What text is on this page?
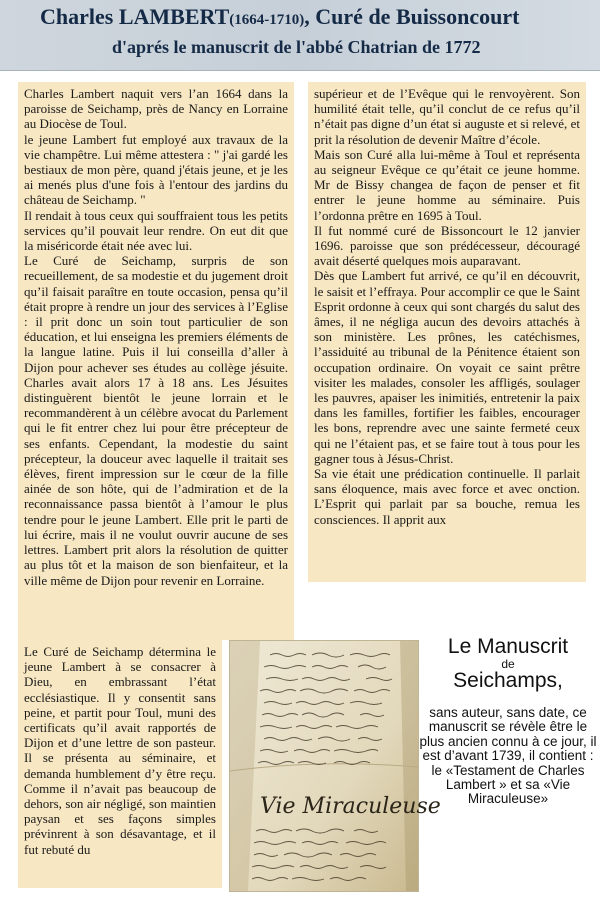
Charles LAMBERT(1664-1710), Curé de Buissoncourt
d'aprés le manuscrit de l'abbé Chatrian de 1772

Charles Lambert naquit vers l’an 1664 dans la paroisse de Seichamp, près de Nancy en Lorraine au Diocèse de Toul.

le jeune Lambert fut employé aux travaux de la vie champêtre. Lui même attestera : " j'ai gardé les bestiaux de mon père, quand j'étais jeune, et je les ai menés plus d'une fois à l'entour des jardins du château de Seichamp. "

Il rendait à tous ceux qui souffraient tous les petits services qu’il pouvait leur rendre. On eut dit que la miséricorde était née avec lui.

Le Curé de Seichamp, surpris de son recueillement, de sa modestie et du jugement droit qu’il faisait paraître en toute occasion, pensa qu’il était propre à rendre un jour des services à l’Eglise : il prit donc un soin tout particulier de son éducation, et lui enseigna les premiers éléments de la langue latine. Puis il lui conseilla d’aller à Dijon pour achever ses études au collège jésuite. Charles avait alors 17 à 18 ans. Les Jésuites distinguèrent bientôt le jeune lorrain et le recommandèrent à un célèbre avocat du Parlement qui le fit entrer chez lui pour être précepteur de ses enfants. Cependant, la modestie du saint précepteur, la douceur avec laquelle il traitait ses élèves, firent impression sur le cœur de la fille ainée de son hôte, qui de l’admiration et de la reconnaissance passa bientôt à l’amour le plus tendre pour le jeune Lambert. Elle prit le parti de lui écrire, mais il ne voulut ouvrir aucune de ses lettres. Lambert prit alors la résolution de quitter au plus tôt et la maison de son bienfaiteur, et la ville même de Dijon pour revenir en Lorraine.

supérieur et de l’Evêque qui le renvoyèrent. Son humilité était telle, qu’il conclut de ce refus qu’il n’était pas digne d’un état si auguste et si relevé, et prit la résolution de devenir Maître d’école.

Mais son Curé alla lui-même à Toul et représenta au seigneur Evêque ce qu’était ce jeune homme. Mr de Bissy changea de façon de penser et fit entrer le jeune homme au séminaire. Puis l’ordonna prêtre en 1695 à Toul.

Il fut nommé curé de Bissoncourt le 12 janvier 1696. paroisse que son prédécesseur, découragé avait déserté quelques mois auparavant.

Dès que Lambert fut arrivé, ce qu’il en découvrit, le saisit et l’effraya. Pour accomplir ce que le Saint Esprit ordonne à ceux qui sont chargés du salut des âmes, il ne négliga aucun des devoirs attachés à son ministère. Les prônes, les catéchismes, l’assiduité au tribunal de la Pénitence étaient son occupation ordinaire. On voyait ce saint prêtre visiter les malades, consoler les affligés, soulager les pauvres, apaiser les inimitiés, entretenir la paix dans les familles, fortifier les faibles, encourager les bons, reprendre avec une sainte fermeté ceux qui ne l’étaient pas, et se faire tout à tous pour les gagner tous à Jésus-Christ.

Sa vie était une prédication continuelle. Il parlait sans éloquence, mais avec force et avec onction. L’Esprit qui parlait par sa bouche, remua les consciences. Il apprit aux

Le Curé de Seichamp détermina le jeune Lambert à se consacrer à Dieu, en embrassant l’état ecclésiastique. Il y consentit sans peine, et partit pour Toul, muni des certificats qu’il avait rapportés de Dijon et d’une lettre de son pasteur. Il se présenta au séminaire, et demanda humblement d’y être reçu. Comme il n’avait pas beaucoup de dehors, son air négligé, son maintien paysan et ses façons simples prévinrent à son désavantage, et il fut rebuté du

Vie Miraculeuse
Le Manuscrit
de
Seichamps,
sans auteur, sans date, ce manuscrit se révèle être le plus ancien connu à ce jour, il est d’avant 1739, il contient : le «Testament de Charles Lambert » et sa «Vie Miraculeuse»
